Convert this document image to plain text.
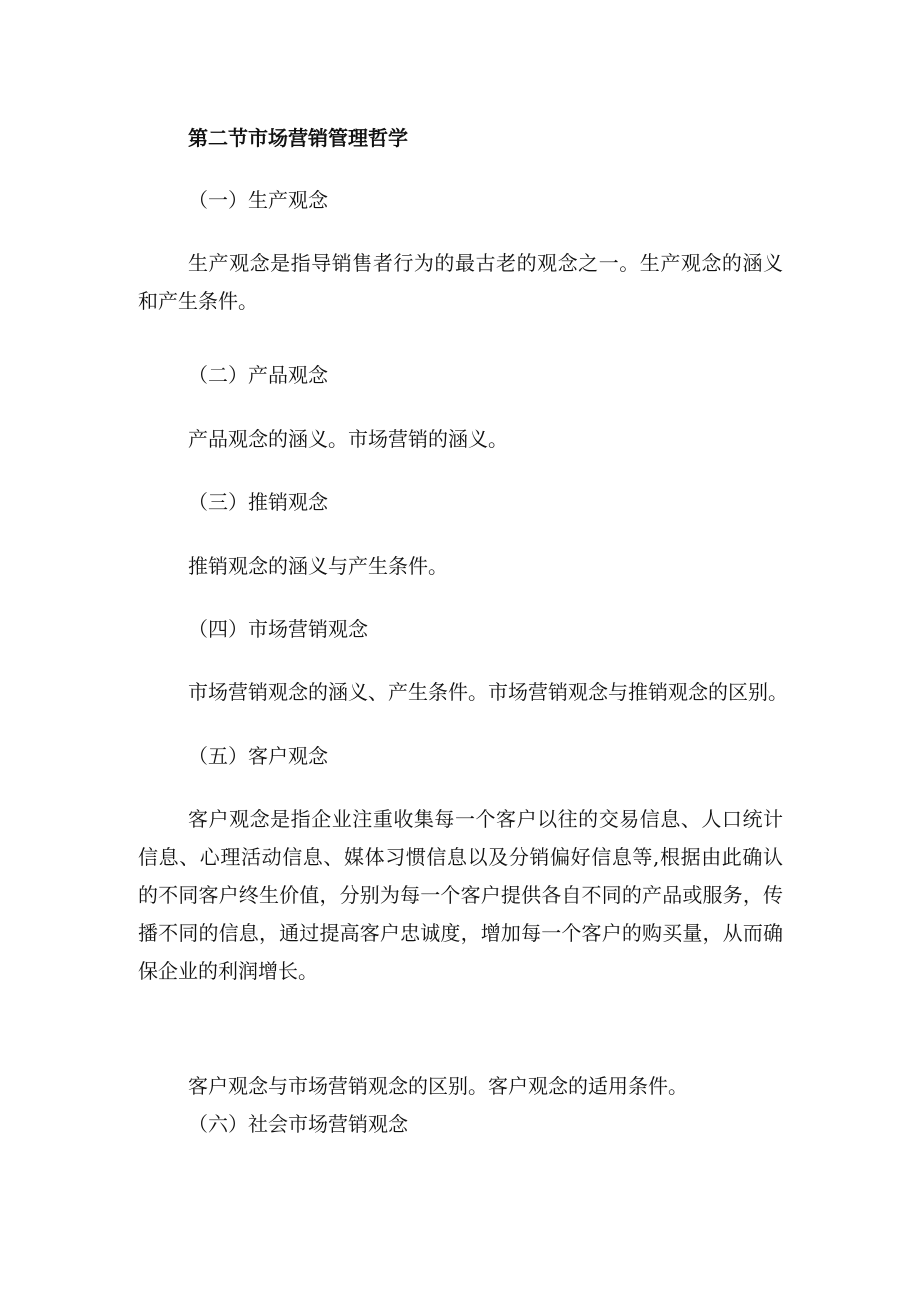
第二节市场营销管理哲学
（一）生产观念
生产观念是指导销售者行为的最古老的观念之一。生产观念的涵义和产生条件。
（二）产品观念
产品观念的涵义。市场营销的涵义。
（三）推销观念
推销观念的涵义与产生条件。
（四）市场营销观念
市场营销观念的涵义、产生条件。市场营销观念与推销观念的区别。
（五）客户观念
客户观念是指企业注重收集每一个客户以往的交易信息、人口统计信息、心理活动信息、媒体习惯信息以及分销偏好信息等,根据由此确认的不同客户终生价值，分别为每一个客户提供各自不同的产品或服务，传播不同的信息，通过提高客户忠诚度，增加每一个客户的购买量，从而确保企业的利润增长。
客户观念与市场营销观念的区别。客户观念的适用条件。
（六）社会市场营销观念
